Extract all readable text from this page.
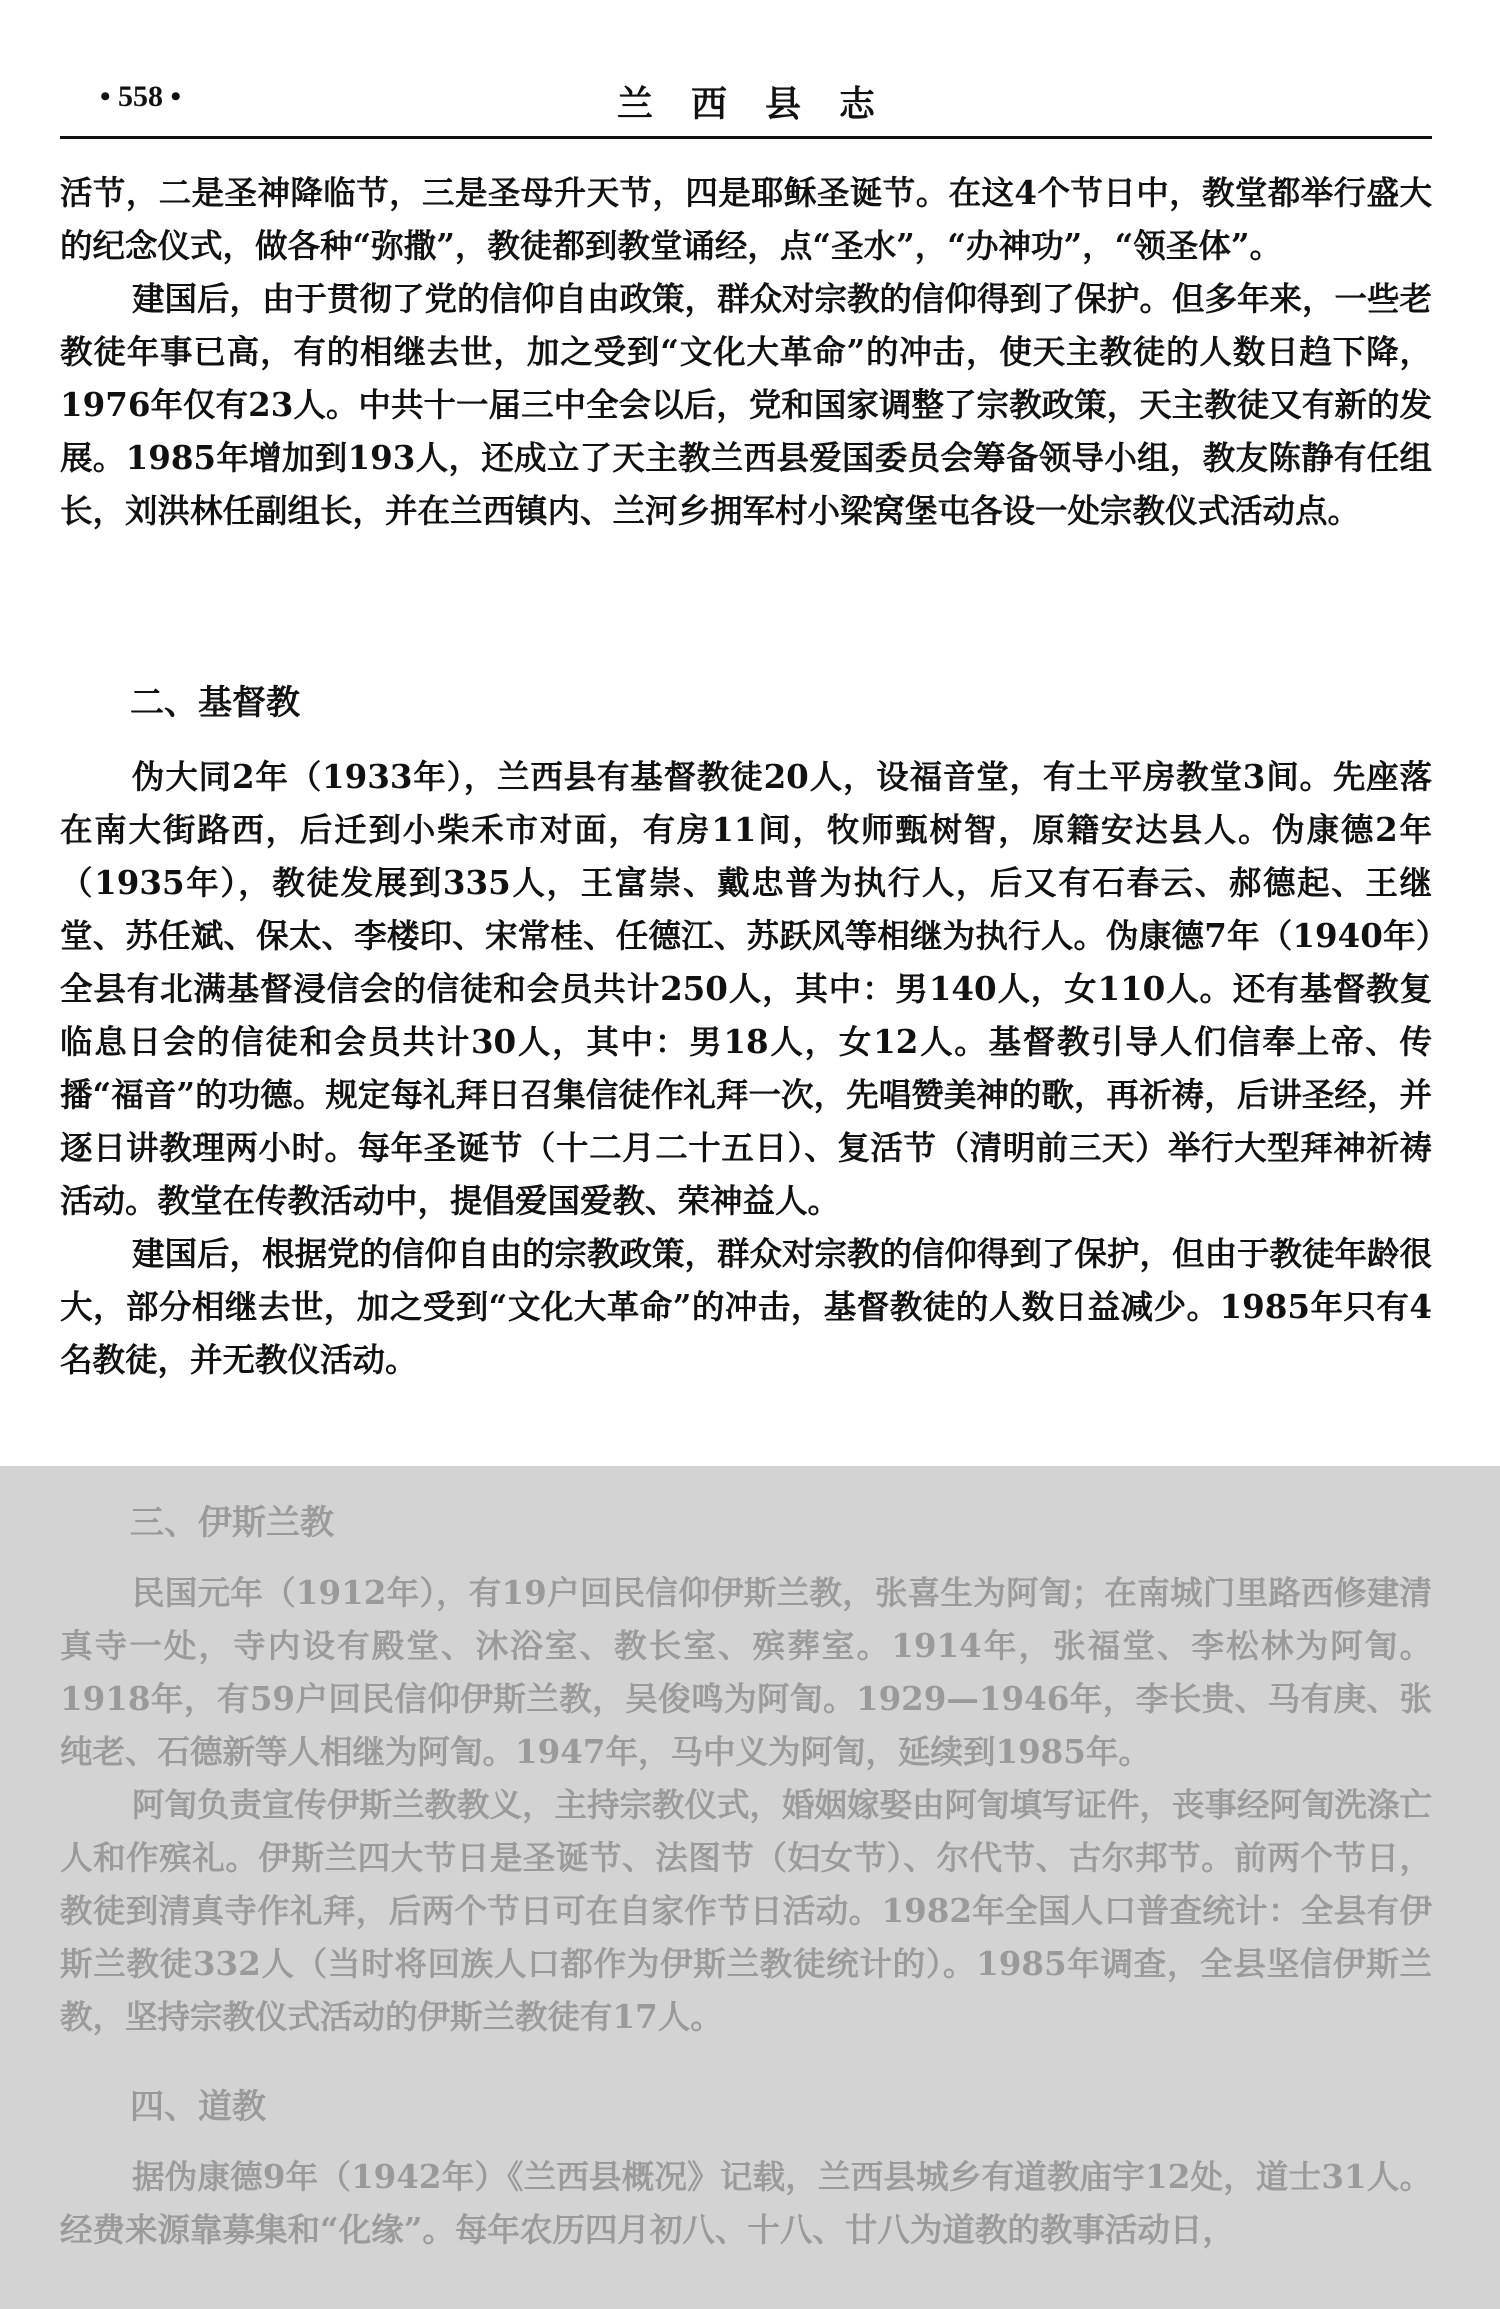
• 558 •	兰西县志

活节，二是圣神降临节，三是圣母升天节，四是耶稣圣诞节。在这4个节日中，教堂都举行盛大的纪念仪式，做各种“弥撒”，教徒都到教堂诵经，点“圣水”，“办神功”，“领圣体”。

建国后，由于贯彻了党的信仰自由政策，群众对宗教的信仰得到了保护。但多年来，一些老教徒年事已高，有的相继去世，加之受到“文化大革命”的冲击，使天主教徒的人数日趋下降，1976年仅有23人。中共十一届三中全会以后，党和国家调整了宗教政策，天主教徒又有新的发展。1985年增加到193人，还成立了天主教兰西县爱国委员会筹备领导小组，教友陈静有任组长，刘洪林任副组长，并在兰西镇内、兰河乡拥军村小梁窝堡屯各设一处宗教仪式活动点。

二、基督教

伪大同2年（1933年），兰西县有基督教徒20人，设福音堂，有土平房教堂3间。先座落在南大街路西，后迁到小柴禾市对面，有房11间，牧师甄树智，原籍安达县人。伪康德2年（1935年），教徒发展到335人，王富崇、戴忠普为执行人，后又有石春云、郝德起、王继堂、苏任斌、保太、李楼印、宋常桂、任德江、苏跃风等相继为执行人。伪康德7年（1940年）全县有北满基督浸信会的信徒和会员共计250人，其中：男140人，女110人。还有基督教复临息日会的信徒和会员共计30人，其中：男18人，女12人。基督教引导人们信奉上帝、传播“福音”的功德。规定每礼拜日召集信徒作礼拜一次，先唱赞美神的歌，再祈祷，后讲圣经，并逐日讲教理两小时。每年圣诞节（十二月二十五日）、复活节（清明前三天）举行大型拜神祈祷活动。教堂在传教活动中，提倡爱国爱教、荣神益人。

建国后，根据党的信仰自由的宗教政策，群众对宗教的信仰得到了保护，但由于教徒年龄很大，部分相继去世，加之受到“文化大革命”的冲击，基督教徒的人数日益减少。1985年只有4名教徒，并无教仪活动。

三、伊斯兰教

民国元年（1912年），有19户回民信仰伊斯兰教，张喜生为阿訇；在南城门里路西修建清真寺一处，寺内设有殿堂、沐浴室、教长室、殡葬室。1914年，张福堂、李松林为阿訇。1918年，有59户回民信仰伊斯兰教，吴俊鸣为阿訇。1929—1946年，李长贵、马有庚、张纯老、石德新等人相继为阿訇。1947年，马中义为阿訇，延续到1985年。

阿訇负责宣传伊斯兰教教义，主持宗教仪式，婚姻嫁娶由阿訇填写证件，丧事经阿訇洗涤亡人和作殡礼。伊斯兰四大节日是圣诞节、法图节（妇女节）、尔代节、古尔邦节。前两个节日，教徒到清真寺作礼拜，后两个节日可在自家作节日活动。1982年全国人口普查统计：全县有伊斯兰教徒332人（当时将回族人口都作为伊斯兰教徒统计的）。1985年调查，全县坚信伊斯兰教，坚持宗教仪式活动的伊斯兰教徒有17人。

四、道教

据伪康德9年（1942年）《兰西县概况》记载，兰西县城乡有道教庙宇12处，道士31人。经费来源靠募集和“化缘”。每年农历四月初八、十八、廿八为道教的教事活动日，
